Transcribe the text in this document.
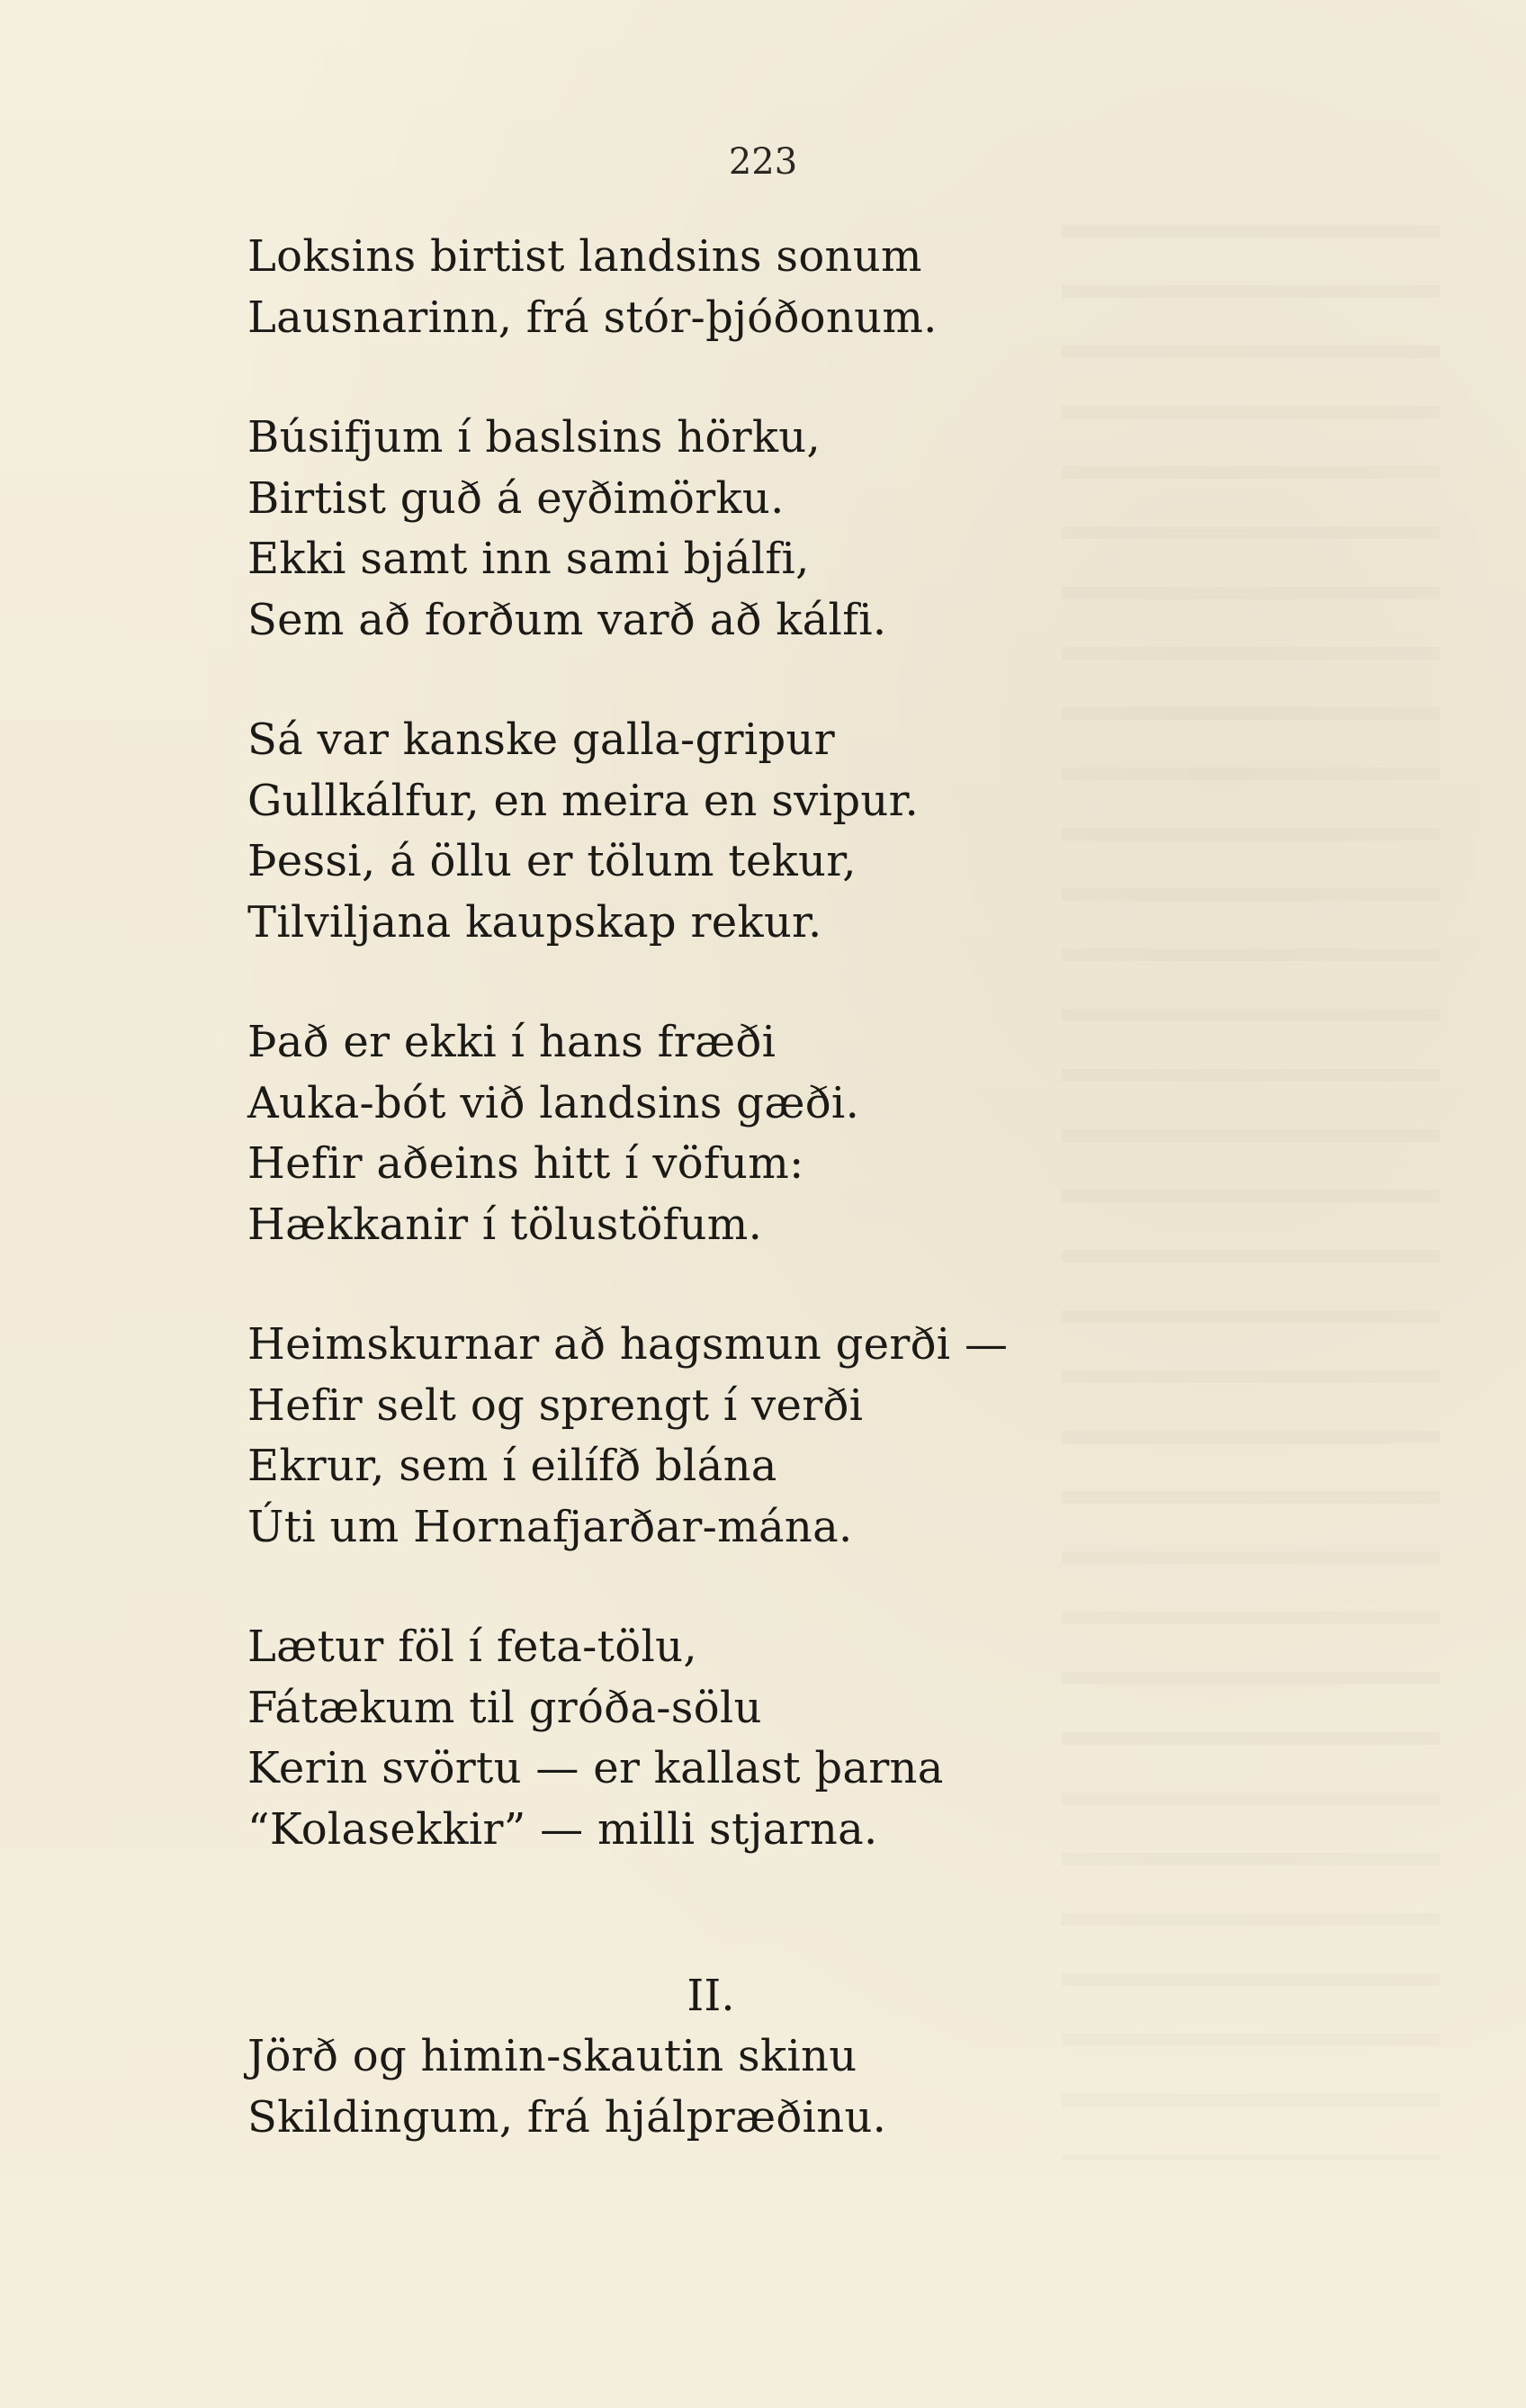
223
Loksins birtist landsins sonum
Lausnarinn, frá stór-þjóðonum.
Búsifjum í baslsins hörku,
Birtist guð á eyðimörku.
Ekki samt inn sami bjálfi,
Sem að forðum varð að kálfi.
Sá var kanske galla-gripur
Gullkálfur, en meira en svipur.
Þessi, á öllu er tölum tekur,
Tilviljana kaupskap rekur.
Það er ekki í hans fræði
Auka-bót við landsins gæði.
Hefir aðeins hitt í vöfum:
Hækkanir í tölustöfum.
Heimskurnar að hagsmun gerði —
Hefir selt og sprengt í verði
Ekrur, sem í eilífð blána
Úti um Hornafjarðar-mána.
Lætur föl í feta-tölu,
Fátækum til gróða-sölu
Kerin svörtu — er kallast þarna
“Kolasekkir” — milli stjarna.
II.
Jörð og himin-skautin skinu
Skildingum, frá hjálpræðinu.
